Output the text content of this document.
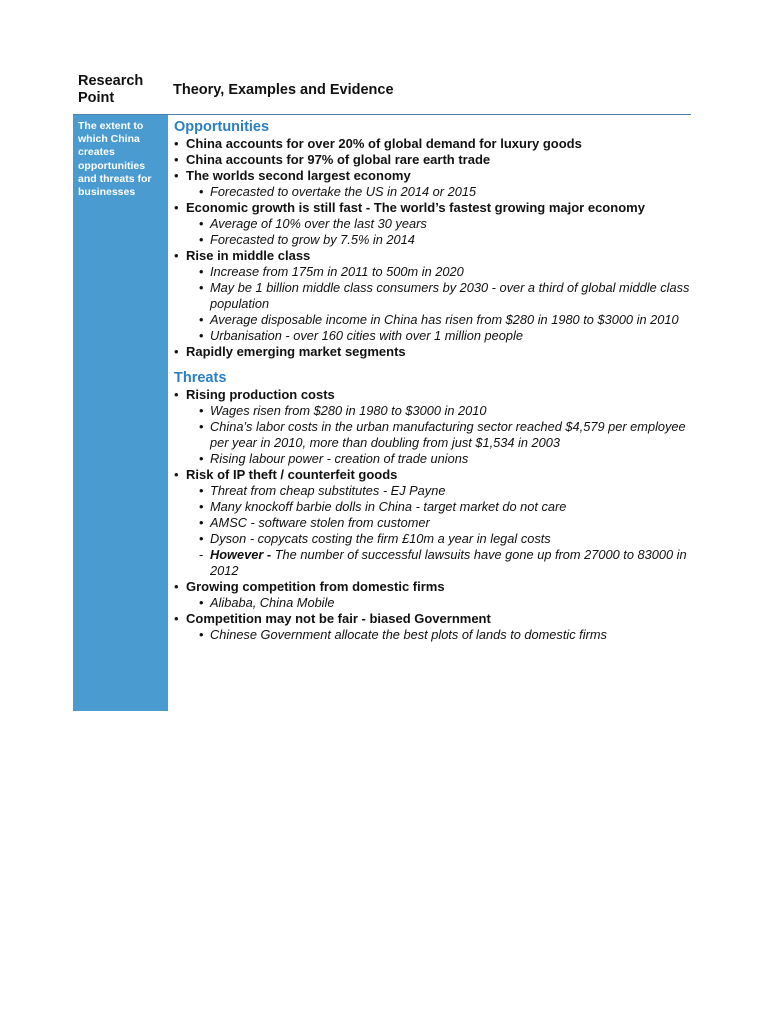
Research Point	Theory, Examples and Evidence
The extent to which China creates opportunities and threats for businesses
Opportunities
• China accounts for over 20% of global demand for luxury goods
• China accounts for 97% of global rare earth trade
• The worlds second largest economy
• Forecasted to overtake the US in 2014 or 2015
• Economic growth is still fast - The world’s fastest growing major economy
• Average of 10% over the last 30 years
• Forecasted to grow by 7.5% in 2014
• Rise in middle class
• Increase from 175m in 2011 to 500m in 2020
• May be 1 billion middle class consumers by 2030 - over a third of global middle class population
• Average disposable income in China has risen from $280 in 1980 to $3000 in 2010
• Urbanisation - over 160 cities with over 1 million people
• Rapidly emerging market segments
Threats
• Rising production costs
• Wages risen from $280 in 1980 to $3000 in 2010
• China’s labor costs in the urban manufacturing sector reached $4,579 per employee per year in 2010, more than doubling from just $1,534 in 2003
• Rising labour power - creation of trade unions
• Risk of IP theft / counterfeit goods
• Threat from cheap substitutes - EJ Payne
• Many knockoff barbie dolls in China - target market do not care
• AMSC - software stolen from customer
• Dyson - copycats costing the firm £10m a year in legal costs
- However - The number of successful lawsuits have gone up from 27000 to 83000 in 2012
• Growing competition from domestic firms
• Alibaba, China Mobile
• Competition may not be fair - biased Government
• Chinese Government allocate the best plots of lands to domestic firms
